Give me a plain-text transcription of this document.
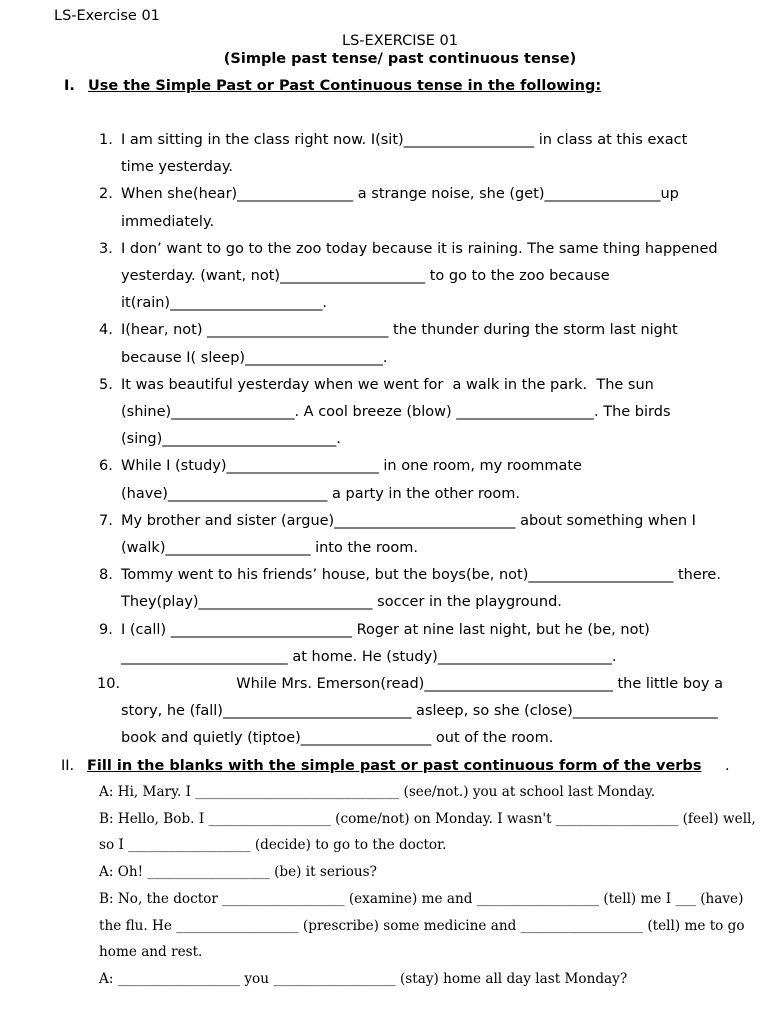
LS-Exercise 01
LS-EXERCISE 01
(Simple past tense/ past continuous tense)
I. Use the Simple Past or Past Continuous tense in the following:
1. I am sitting in the class right now. I(sit)__________________ in class at this exact
time yesterday.
2. When she(hear)________________ a strange noise, she (get)________________up
immediately.
3. I don’ want to go to the zoo today because it is raining. The same thing happened
yesterday. (want, not)____________________ to go to the zoo because
it(rain)_____________________.
4. I(hear, not) _________________________ the thunder during the storm last night
because I( sleep)___________________.
5. It was beautiful yesterday when we went for  a walk in the park.  The sun
(shine)_________________. A cool breeze (blow) ___________________. The birds
(sing)________________________.
6. While I (study)_____________________ in one room, my roommate
(have)______________________ a party in the other room.
7. My brother and sister (argue)_________________________ about something when I
(walk)____________________ into the room.
8. Tommy went to his friends’ house, but the boys(be, not)____________________ there.
They(play)________________________ soccer in the playground.
9. I (call) _________________________ Roger at nine last night, but he (be, not)
_______________________ at home. He (study)________________________.
10. While Mrs. Emerson(read)__________________________ the little boy a
story, he (fall)__________________________ asleep, so she (close)____________________
book and quietly (tiptoe)__________________ out of the room.
II. Fill in the blanks with the simple past or past continuous form of the verbs .
A: Hi, Mary. I ______________________________ (see/not.) you at school last Monday.
B: Hello, Bob. I __________________ (come/not) on Monday. I wasn't __________________ (feel) well,
so I __________________ (decide) to go to the doctor.
A: Oh! __________________ (be) it serious?
B: No, the doctor __________________ (examine) me and __________________ (tell) me I ___ (have)
the flu. He __________________ (prescribe) some medicine and __________________ (tell) me to go
home and rest.
A: __________________ you __________________ (stay) home all day last Monday?
